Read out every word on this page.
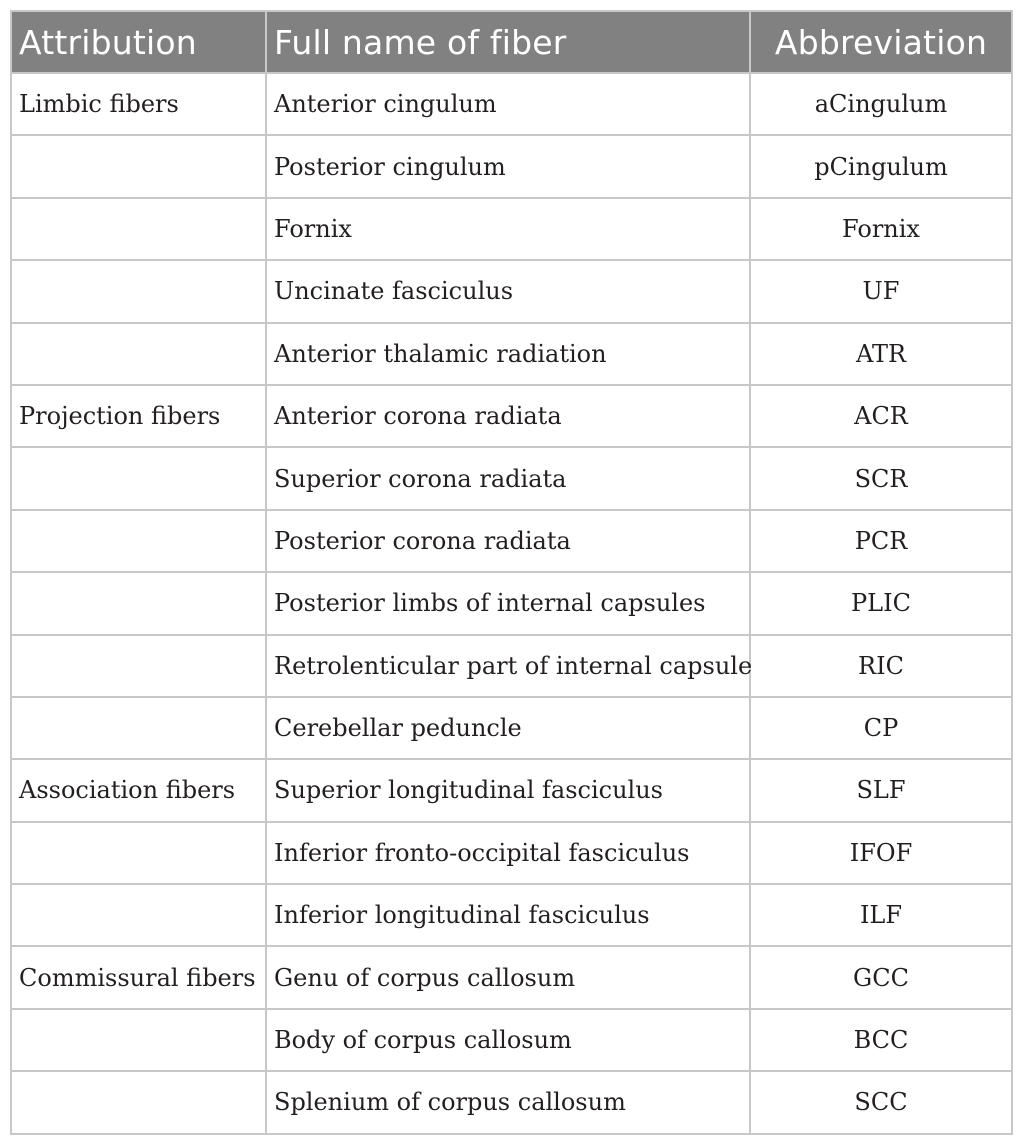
Attribution	Full name of fiber	Abbreviation
Limbic fibers	Anterior cingulum	aCingulum
	Posterior cingulum	pCingulum
	Fornix	Fornix
	Uncinate fasciculus	UF
	Anterior thalamic radiation	ATR
Projection fibers	Anterior corona radiata	ACR
	Superior corona radiata	SCR
	Posterior corona radiata	PCR
	Posterior limbs of internal capsules	PLIC
	Retrolenticular part of internal capsule	RIC
	Cerebellar peduncle	CP
Association fibers	Superior longitudinal fasciculus	SLF
	Inferior fronto-occipital fasciculus	IFOF
	Inferior longitudinal fasciculus	ILF
Commissural fibers	Genu of corpus callosum	GCC
	Body of corpus callosum	BCC
	Splenium of corpus callosum	SCC
